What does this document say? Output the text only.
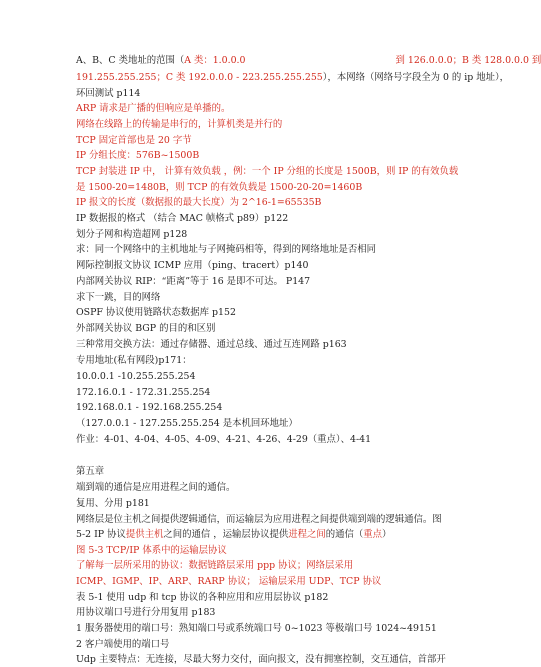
A、B、C 类地址的范围（A 类：1.0.0.0	到 126.0.0.0；B 类 128.0.0.0 到
191.255.255.255；C 类 192.0.0.0 - 223.255.255.255），本网络（网络号字段全为 0 的 ip 地址），
环回测试 p114
ARP 请求是广播的但响应是单播的。
网络在线路上的传输是串行的，计算机类是并行的
TCP 固定首部也是 20 字节
IP 分组长度：576B~1500B
TCP 封装进 IP 中， 计算有效负载 ，例：一个 IP 分组的长度是 1500B，则 IP 的有效负载
是 1500-20=1480B，则 TCP 的有效负载是 1500-20-20=1460B
IP 报文的长度（数据报的最大长度）为 2^16-1=65535B
IP 数据报的格式 （结合 MAC 帧格式 p89）p122
划分子网和构造超网 p128
求：同一个网络中的主机地址与子网掩码相等，得到的网络地址是否相同
网际控制报文协议 ICMP 应用（ping、tracert）p140
内部网关协议 RIP：“距离”等于 16 是即不可达。 P147
求下一跳，目的网络
OSPF 协议使用链路状态数据库 p152
外部网关协议 BGP 的目的和区别
三种常用交换方法：通过存储器、通过总线、通过互连网路 p163
专用地址(私有网段)p171：
10.0.0.1 -10.255.255.254
172.16.0.1 - 172.31.255.254
192.168.0.1 - 192.168.255.254
（127.0.0.1 - 127.255.255.254 是本机回环地址）
作业：4-01、4-04、4-05、4-09、4-21、4-26、4-29（重点）、4-41
第五章
端到端的通信是应用进程之间的通信。
复用、分用 p181
网络层是位主机之间提供逻辑通信，而运输层为应用进程之间提供端到端的逻辑通信。图
5-2 IP 协议提供主机之间的通信 ，运输层协议提供进程之间的通信（重点）
图 5-3 TCP/IP 体系中的运输层协议
了解每一层所采用的协议：数据链路层采用 ppp 协议；网络层采用
ICMP、IGMP、IP、ARP、RARP 协议； 运输层采用 UDP、TCP 协议
表 5-1 使用 udp 和 tcp 协议的各种应用和应用层协议 p182
用协议端口号进行分用复用 p183
1 服务器使用的端口号：熟知端口号或系统端口号 0~1023 等极端口号 1024~49151
2 客户端使用的端口号
Udp 主要特点：无连接，尽最大努力交付，面向报文，没有拥塞控制，交互通信，首部开
